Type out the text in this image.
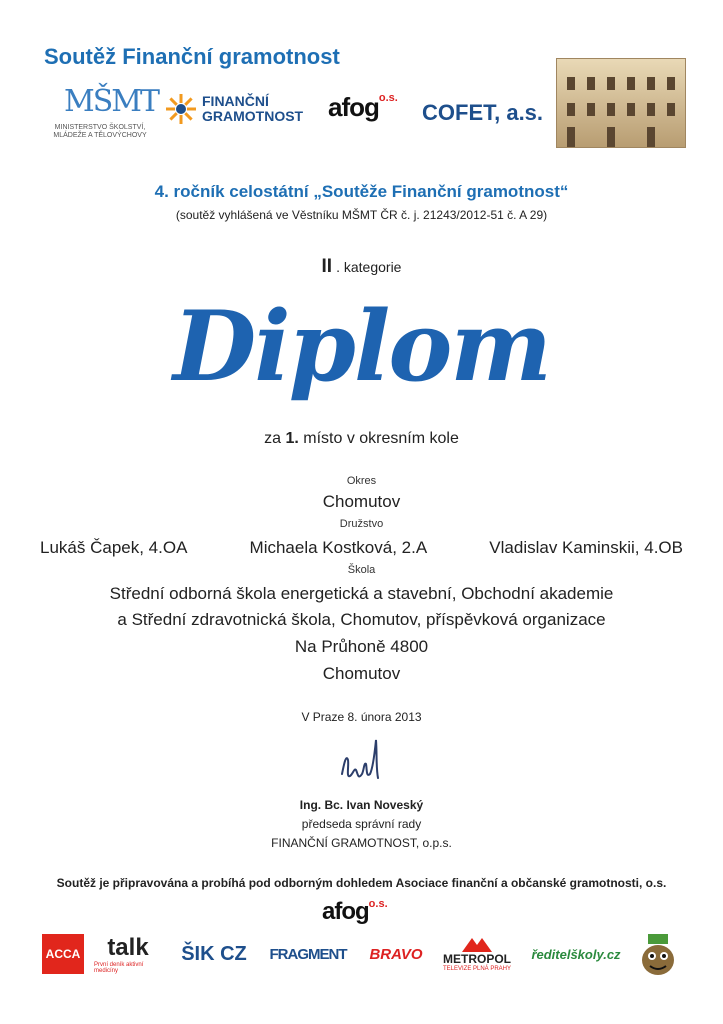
Soutěž Finanční gramotnost
MŠMT
MINISTERSTVO ŠKOLSTVÍ,
MLÁDEŽE A TĚLOVÝCHOVY
FINANČNÍ
GRAMOTNOST afog$^{o.s.}$
COFET, a.s.
4. ročník celostátní „Soutěže Finanční gramotnost“
(soutěž vyhlášená ve Věstníku MŠMT ČR č. j. 21243/2012-51 č. A 29)
II . kategorie
Diplom
za 1. místo v okresním kole
Okres
Chomutov
Družstvo
Lukáš Čapek, 4.OA	Michaela Kostková, 2.A	Vladislav Kaminskii, 4.OB
Škola
Střední odborná škola energetická a stavební, Obchodní akademie
a Střední zdravotnická škola, Chomutov, příspěvková organizace
Na Průhoně 4800
Chomutov
V Praze 8. února 2013
Ing. Bc. Ivan Noveský
předseda správní rady
FINANČNÍ GRAMOTNOST, o.p.s.
Soutěž je připravována a probíhá pod odborným dohledem Asociace finanční a občanské gramotnosti, o.s.
afog$^{o.s.}$
ACCA talk
První deník aktivní medicíny
ŠIK CZ	FRAGMENT	BRAVO	METROPOL
TELEVIZE PLNÁ PRAHY
ředitelškoly.cz
